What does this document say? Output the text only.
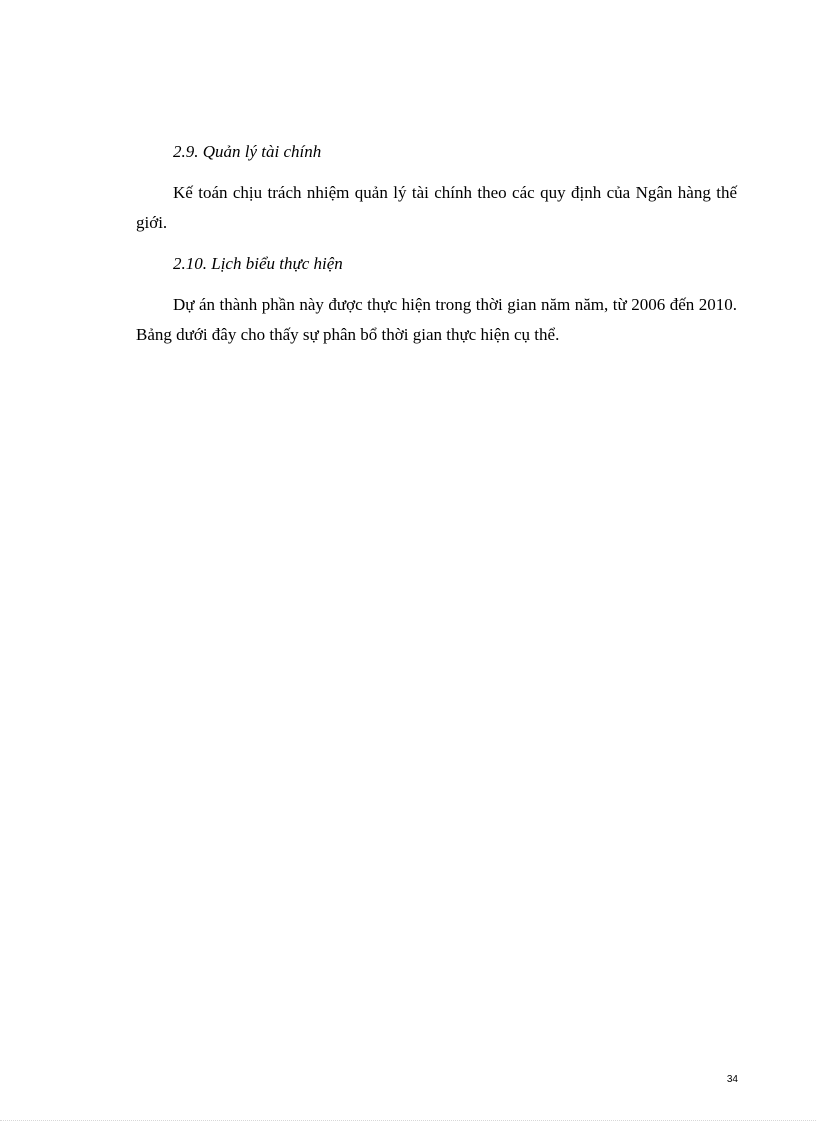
2.9. Quản lý tài chính

Kế toán chịu trách nhiệm quản lý tài chính theo các quy định của Ngân hàng thế giới.

2.10. Lịch biểu thực hiện

Dự án thành phần này được thực hiện trong thời gian năm năm, từ 2006 đến 2010. Bảng dưới đây cho thấy sự phân bổ thời gian thực hiện cụ thể.

34
